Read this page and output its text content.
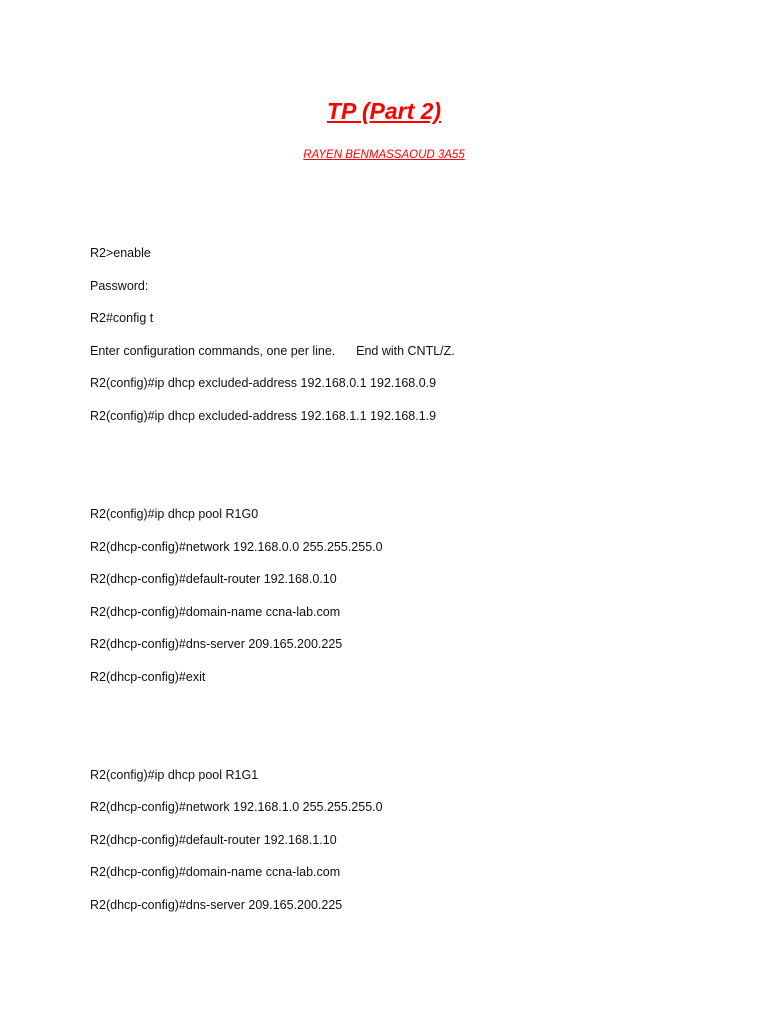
TP (Part 2)

RAYEN BENMASSAOUD 3A55

R2>enable

Password:

R2#config t

Enter configuration commands, one per line.      End with CNTL/Z.

R2(config)#ip dhcp excluded-address 192.168.0.1 192.168.0.9

R2(config)#ip dhcp excluded-address 192.168.1.1 192.168.1.9

R2(config)#ip dhcp pool R1G0

R2(dhcp-config)#network 192.168.0.0 255.255.255.0

R2(dhcp-config)#default-router 192.168.0.10

R2(dhcp-config)#domain-name ccna-lab.com

R2(dhcp-config)#dns-server 209.165.200.225

R2(dhcp-config)#exit

R2(config)#ip dhcp pool R1G1

R2(dhcp-config)#network 192.168.1.0 255.255.255.0

R2(dhcp-config)#default-router 192.168.1.10

R2(dhcp-config)#domain-name ccna-lab.com

R2(dhcp-config)#dns-server 209.165.200.225
